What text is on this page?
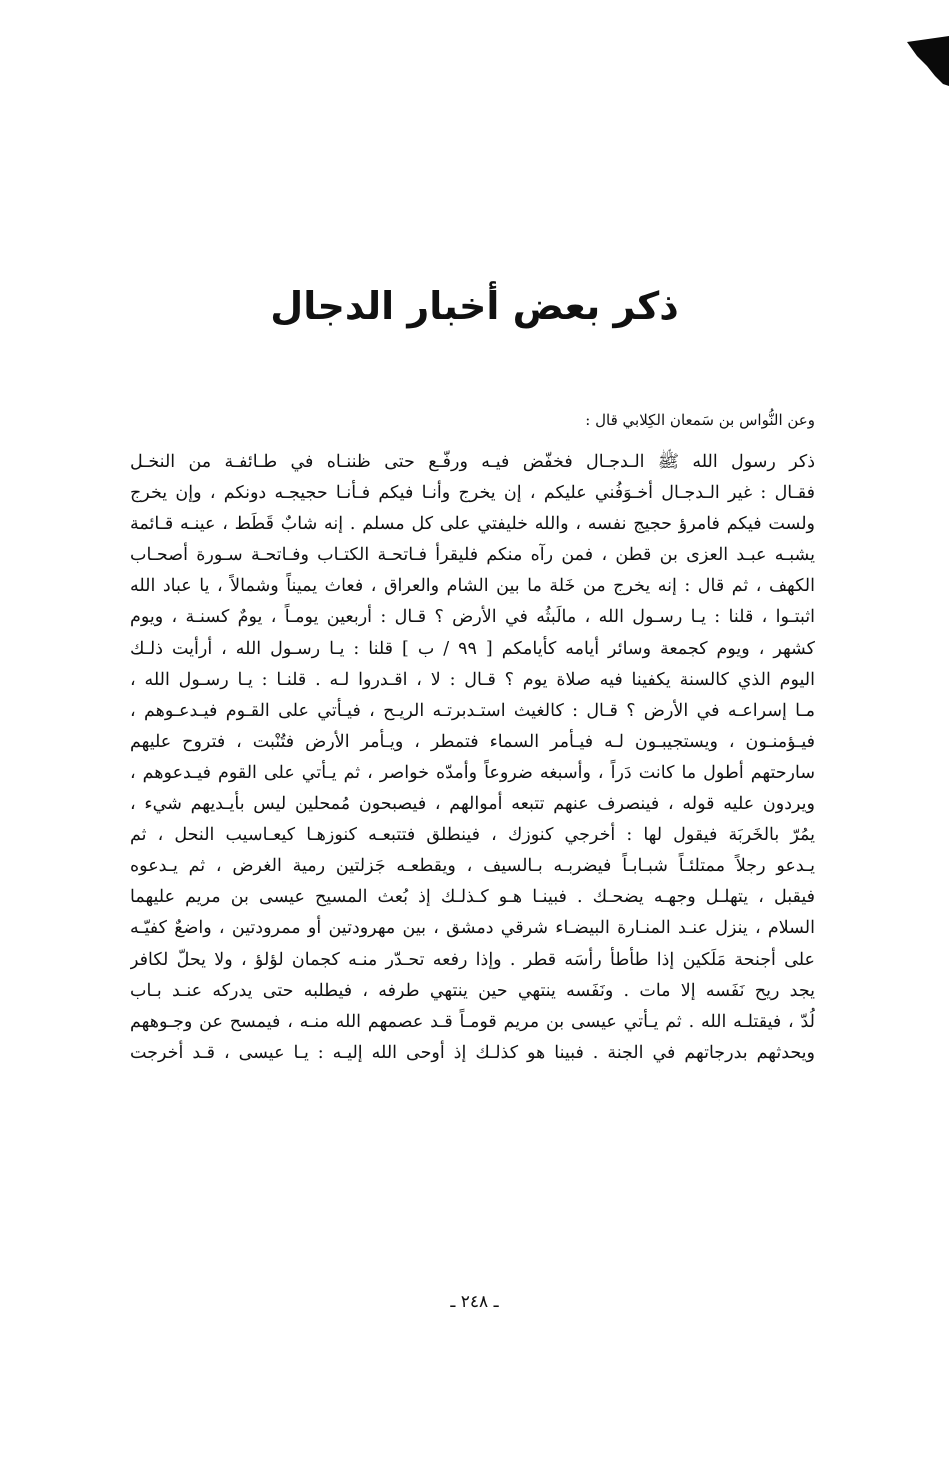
ذكر بعض أخبار الدجال
وعن النُّواس بن سَمعان الكِلابي قال :
ذكر رسول الله ﷺ الـدجـال فخفّض فيـه ورفّـع حتى ظننـاه في طـائفـة من النخـل
فقـال : غير الـدجـال أخـوَفُني عليكم ، إن يخرج وأنـا فيكم فـأنـا حجيجـه دونكم ، وإن يخرج
ولست فيكم فامرؤ حجيج نفسه ، والله خليفتي على كل مسلم . إنه شابٌ قَطَط ، عينـه قـائمة
يشبـه عبـد العزى بن قطن ، فمن رآه منكم فليقرأ فـاتحـة الكتـاب وفـاتحـة سـورة أصحـاب
الكهف ، ثم قال : إنه يخرج من خَلة ما بين الشام والعراق ، فعاث يميناً وشمالاً ، يا عباد الله
اثبتـوا ، قلنا : يـا رسـول الله ، مالَبثُه في الأرض ؟ قـال : أربعين يومـاً ، يومٌ كسنـة ، ويوم
كشهر ، ويوم كجمعة وسائر أيامه كأيامكم [ ٩٩ / ب ] قلنا : يـا رسـول الله ، أرأيت ذلـك
اليوم الذي كالسنة يكفينا فيه صلاة يوم ؟ قـال : لا ، اقـدروا لـه . قلنـا : يـا رسـول الله ،
مـا إسراعـه في الأرض ؟ قـال : كالغيث استـدبرتـه الريـح ، فيـأتي على القـوم فيـدعـوهم ،
فيـؤمنـون ، ويستجيبـون لـه فيـأمر السماء فتمطر ، ويـأمر الأرض فتُنْبت ، فتروح عليهم
سارحتهم أطول ما كانت دَراً ، وأسبغه ضروعاً وأمدّه خواصر ، ثم يـأتي على القوم فيـدعوهم ،
ويردون عليه قوله ، فينصرف عنهم تتبعه أموالهم ، فيصبحون مُمحلين ليس بأيـديهم شيء ،
يمُرّ بالخَربَة فيقول لها : أخرجي كنوزك ، فينطلق فتتبعـه كنوزهـا كيعـاسيب النحل ، ثم
يـدعو رجلاً ممتلئـاً شبـابـاً فيضربـه بـالسيف ، ويقطعـه جَزلتين رمية الغرض ، ثم يـدعوه
فيقبل ، يتهلـل وجهـه يضحـك . فبينـا هـو كـذلـك إذ بُعث المسيح عيسى بن مريم عليهما
السلام ، ينزل عنـد المنـارة البيضـاء شرقي دمشق ، بين مهرودتين أو ممرودتين ، واضعٌ كفيّـه
على أجنحة مَلَكين إذا طأطأ رأسَه قطر . وإذا رفعه تحـدّر منـه كجمان لؤلؤ ، ولا يحلّ لكافر
يجد ريح نَفَسه إلا مات . ونَفَسه ينتهي حين ينتهي طرفه ، فيطلبه حتى يدركه عنـد بـاب
لُدّ ، فيقتلـه الله . ثم يـأتي عيسى بن مريم قومـاً قـد عصمهم الله منـه ، فيمسح عن وجـوههم
ويحدثهم بدرجاتهم في الجنة . فبينا هو كذلـك إذ أوحى الله إليـه : يـا عيسى ، قـد أخرجت
ـ ٢٤٨ ـ
